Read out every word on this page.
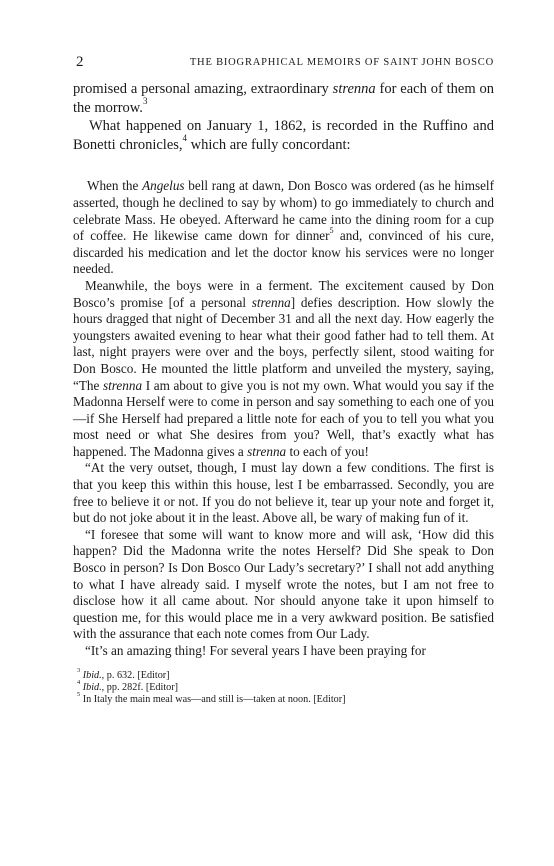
2	THE BIOGRAPHICAL MEMOIRS OF SAINT JOHN BOSCO

promised a personal amazing, extraordinary strenna for each of them on the morrow.$^3$

What happened on January 1, 1862, is recorded in the Ruffino and Bonetti chronicles,$^4$ which are fully concordant:

When the Angelus bell rang at dawn, Don Bosco was ordered (as he himself asserted, though he declined to say by whom) to go immediately to church and celebrate Mass. He obeyed. Afterward he came into the dining room for a cup of coffee. He likewise came down for dinner$^5$ and, convinced of his cure, discarded his medication and let the doctor know his services were no longer needed.

Meanwhile, the boys were in a ferment. The excitement caused by Don Bosco’s promise [of a personal strenna] defies description. How slowly the hours dragged that night of December 31 and all the next day. How eagerly the youngsters awaited evening to hear what their good father had to tell them. At last, night prayers were over and the boys, perfectly silent, stood waiting for Don Bosco. He mounted the little platform and unveiled the mystery, saying, “The strenna I am about to give you is not my own. What would you say if the Madonna Herself were to come in person and say something to each one of you —if She Herself had prepared a little note for each of you to tell you what you most need or what She desires from you? Well, that’s exactly what has happened. The Madonna gives a strenna to each of you!

“At the very outset, though, I must lay down a few conditions. The first is that you keep this within this house, lest I be embarrassed. Secondly, you are free to believe it or not. If you do not believe it, tear up your note and forget it, but do not joke about it in the least. Above all, be wary of making fun of it.

“I foresee that some will want to know more and will ask, ‘How did this happen? Did the Madonna write the notes Herself? Did She speak to Don Bosco in person? Is Don Bosco Our Lady’s secretary?’ I shall not add anything to what I have already said. I myself wrote the notes, but I am not free to disclose how it all came about. Nor should anyone take it upon himself to question me, for this would place me in a very awkward position. Be satisfied with the assurance that each note comes from Our Lady.

“It’s an amazing thing! For several years I have been praying for

$^3$ Ibid., p. 632. [Editor]

$^4$ Ibid., pp. 282f. [Editor]

$^5$ In Italy the main meal was—and still is—taken at noon. [Editor]
